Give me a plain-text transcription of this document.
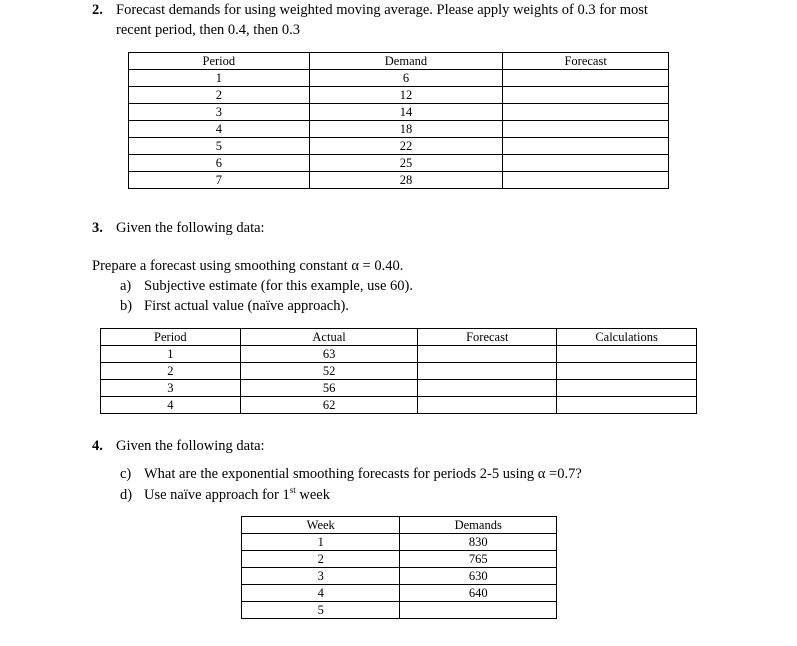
2. Forecast demands for using weighted moving average. Please apply weights of 0.3 for most
recent period, then 0.4, then 0.3
Period	Demand	Forecast
1	6	
2	12	
3	14	
4	18	
5	22	
6	25	
7	28	
3. Given the following data:
Prepare a forecast using smoothing constant α = 0.40.
a) Subjective estimate (for this example, use 60).
b) First actual value (naïve approach).
Period	Actual	Forecast	Calculations
1	63		
2	52		
3	56		
4	62		
4. Given the following data:
c) What are the exponential smoothing forecasts for periods 2-5 using α =0.7?
d) Use naïve approach for 1st week
Week	Demands
1	830
2	765
3	630
4	640
5	
